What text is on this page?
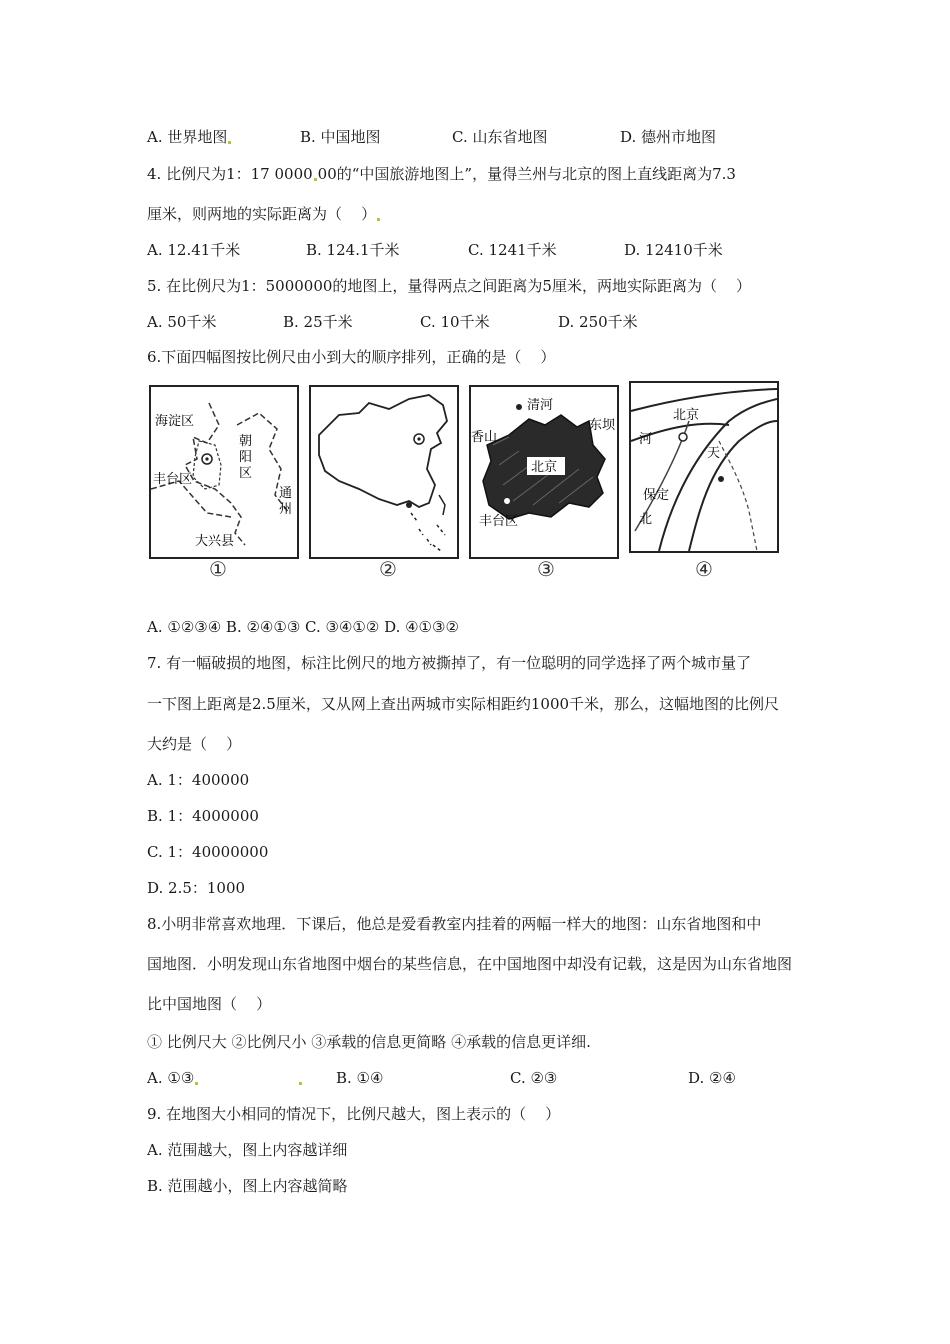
A. 世界地图	B. 中国地图	C. 山东省地图	D. 德州市地图
4. 比例尺为1：17 0000 00的“中国旅游地图上”，量得兰州与北京的图上直线距离为7.3
厘米，则两地的实际距离为（    ）
A. 12.41千米	B. 124.1千米	C. 1241千米	D. 12410千米
5. 在比例尺为1：5000000的地图上，量得两点之间距离为5厘米，两地实际距离为（    ）
A. 50千米	B. 25千米	C. 10千米	D. 250千米
6.下面四幅图按比例尺由小到大的顺序排列，正确的是（    ）
海淀区
朝
阳
区
丰台区
通
州
大兴县
北京
清河
香山
东坝
丰台区
北京
河
天
保定
北
①	②	③	④
A. ①②③④ B. ②④①③ C. ③④①② D. ④①③②
7. 有一幅破损的地图，标注比例尺的地方被撕掉了，有一位聪明的同学选择了两个城市量了
一下图上距离是2.5厘米，又从网上查出两城市实际相距约1000千米，那么，这幅地图的比例尺
大约是（    ）
A. 1：400000
B. 1：4000000
C. 1：40000000
D. 2.5：1000
8.小明非常喜欢地理．下课后，他总是爱看教室内挂着的两幅一样大的地图：山东省地图和中
国地图．小明发现山东省地图中烟台的某些信息，在中国地图中却没有记载，这是因为山东省地图
比中国地图（    ）
① 比例尺大 ②比例尺小 ③承载的信息更简略 ④承载的信息更详细.
A. ①③	B. ①④	C. ②③	D. ②④
9. 在地图大小相同的情况下，比例尺越大，图上表示的（    ）
A. 范围越大，图上内容越详细
B. 范围越小，图上内容越简略
